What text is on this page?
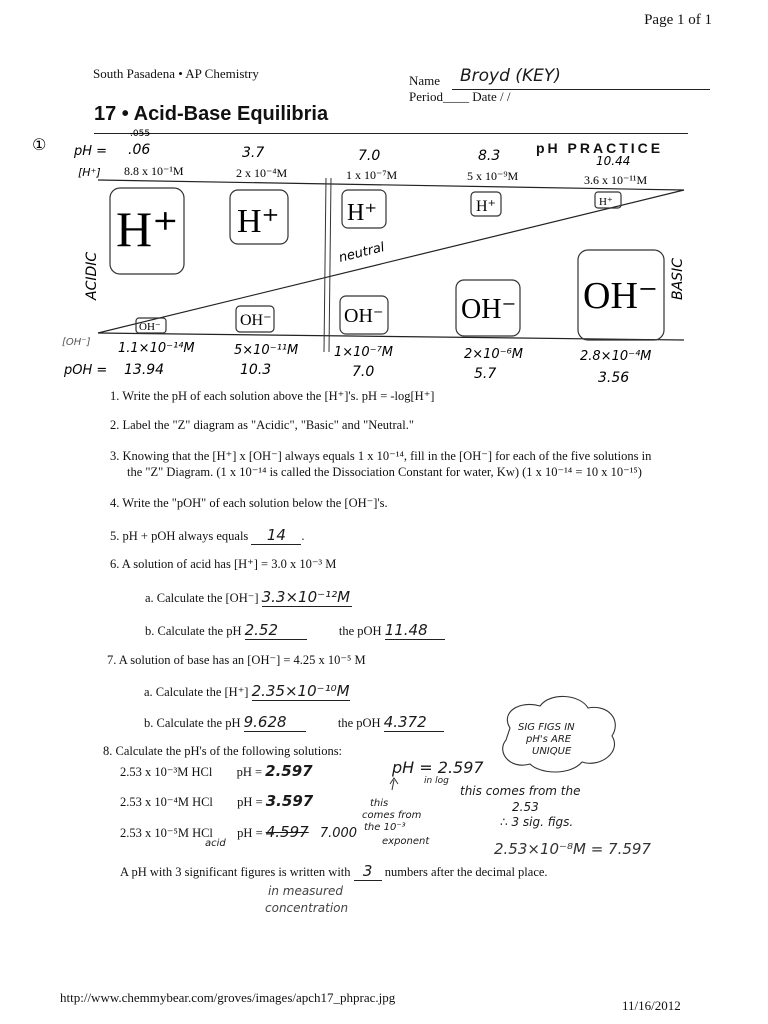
Page 1 of 1
South Pasadena • AP Chemistry	Name Broyd (KEY)
Period____ Date / /
17 • Acid-Base Equilibria
pH PRACTICE
H⁺ H⁺	H⁺	H⁺	H⁺
OH⁻	OH⁻	OH⁻	OH⁻ OH⁻
① pH =
[H⁺]
[OH⁻]
pOH =
.055
ACIDIC	BASIC
neutral
.06	3.7	7.0	8.3	10.44
8.8 x 10⁻¹M	2 x 10⁻⁴M	1 x 10⁻⁷M	5 x 10⁻⁹M	3.6 x 10⁻¹¹M
1.1×10⁻¹⁴M	5×10⁻¹¹M	1×10⁻⁷M	2×10⁻⁶M	2.8×10⁻⁴M
13.94	10.3	7.0	5.7	3.56
1. Write the pH of each solution above the [H⁺]'s. pH = -log[H⁺]
2. Label the "Z" diagram as "Acidic", "Basic" and "Neutral."
3. Knowing that the [H⁺] x [OH⁻] always equals 1 x 10⁻¹⁴, fill in the [OH⁻] for each of the five solutions in
the "Z" Diagram. (1 x 10⁻¹⁴ is called the Dissociation Constant for water, Kw) (1 x 10⁻¹⁴ = 10 x 10⁻¹⁵)
4. Write the "pOH" of each solution below the [OH⁻]'s.
5. pH + pOH always equals 14 .
6. A solution of acid has [H⁺] = 3.0 x 10⁻³ M
a. Calculate the [OH⁻] 3.3×10⁻¹²M
b. Calculate the pH 2.52	the pOH 11.48
7. A solution of base has an [OH⁻] = 4.25 x 10⁻⁵ M
a. Calculate the [H⁺] 2.35×10⁻¹⁰M
b. Calculate the pH 9.628	the pOH 4.372
8. Calculate the pH's of the following solutions:
2.53 x 10⁻³M HCl pH = 2.597
2.53 x 10⁻⁴M HCl pH = 3.597
2.53 x 10⁻⁵M HCl pH = 4.597 7.000
acid
A pH with 3 significant figures is written with 3 numbers after the decimal place.
in measured
concentration
SIG FIGS IN
pH's ARE
UNIQUE
pH = 2.597
in log
this
comes from
the 10⁻³
exponent
this comes from the
2.53
∴ 3 sig. figs.
2.53×10⁻⁸M = 7.597
http://www.chemmybear.com/groves/images/apch17_phprac.jpg
11/16/2012
